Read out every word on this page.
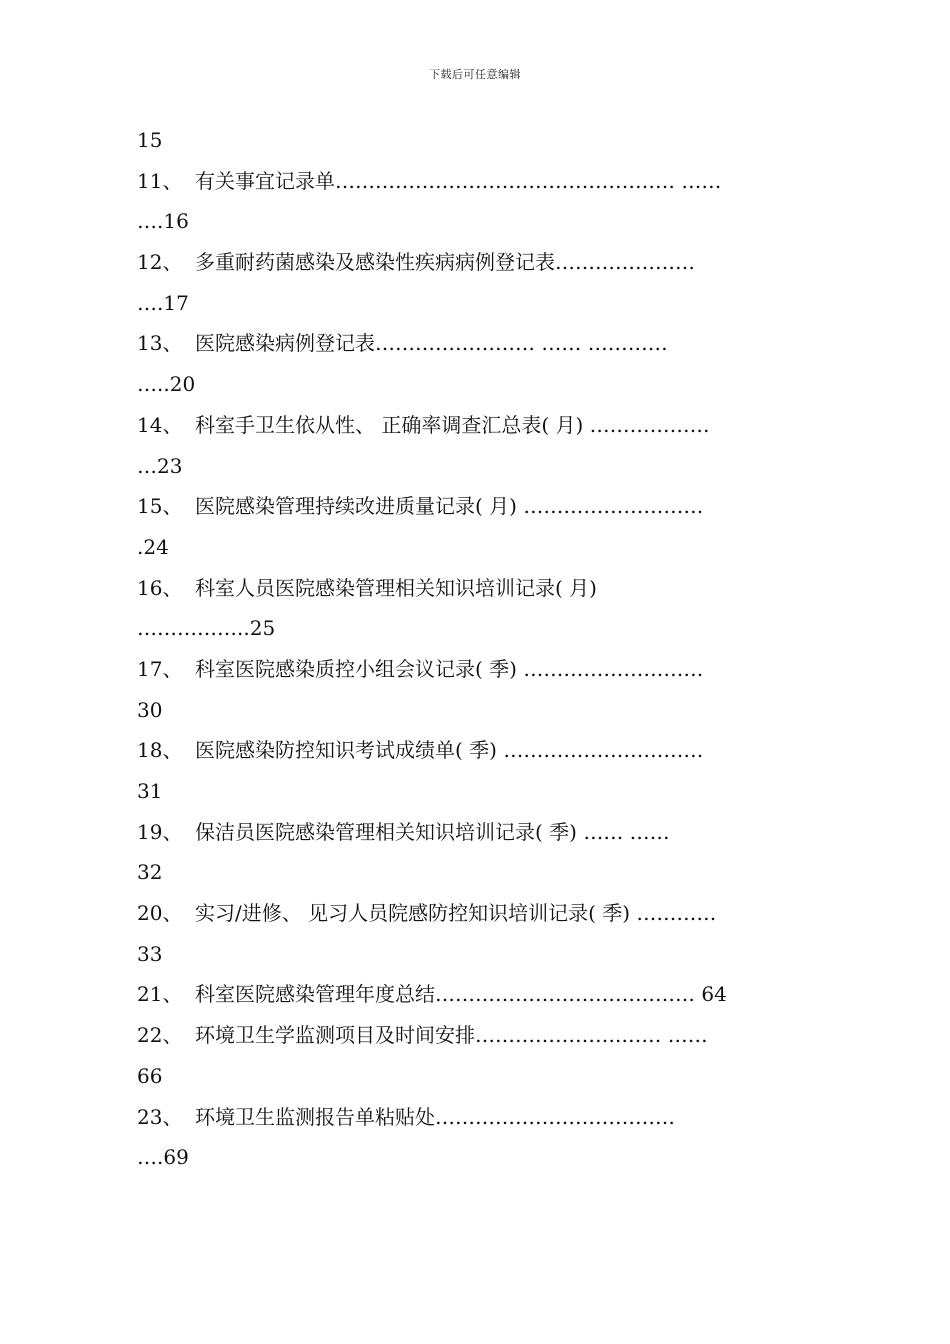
下载后可任意编辑
15
11、 有关事宜记录单…………………………………………… ……
….16
12、 多重耐药菌感染及感染性疾病病例登记表…………………
….17
13、 医院感染病例登记表…………………… …… …………
…..20
14、 科室手卫生依从性、 正确率调查汇总表( 月) ………………
…23
15、 医院感染管理持续改进质量记录( 月) ………………………
.24
16、 科室人员医院感染管理相关知识培训记录( 月)
……………..25
17、 科室医院感染质控小组会议记录( 季) ………………………
30
18、 医院感染防控知识考试成绩单( 季) …………………………
31
19、 保洁员医院感染管理相关知识培训记录( 季) …… ……
32
20、 实习/进修、 见习人员院感防控知识培训记录( 季) …………
33
21、 科室医院感染管理年度总结………………………………… 64
22、 环境卫生学监测项目及时间安排………………….…… ……
66
23、 环境卫生监测报告单粘贴处………………………………
….69
